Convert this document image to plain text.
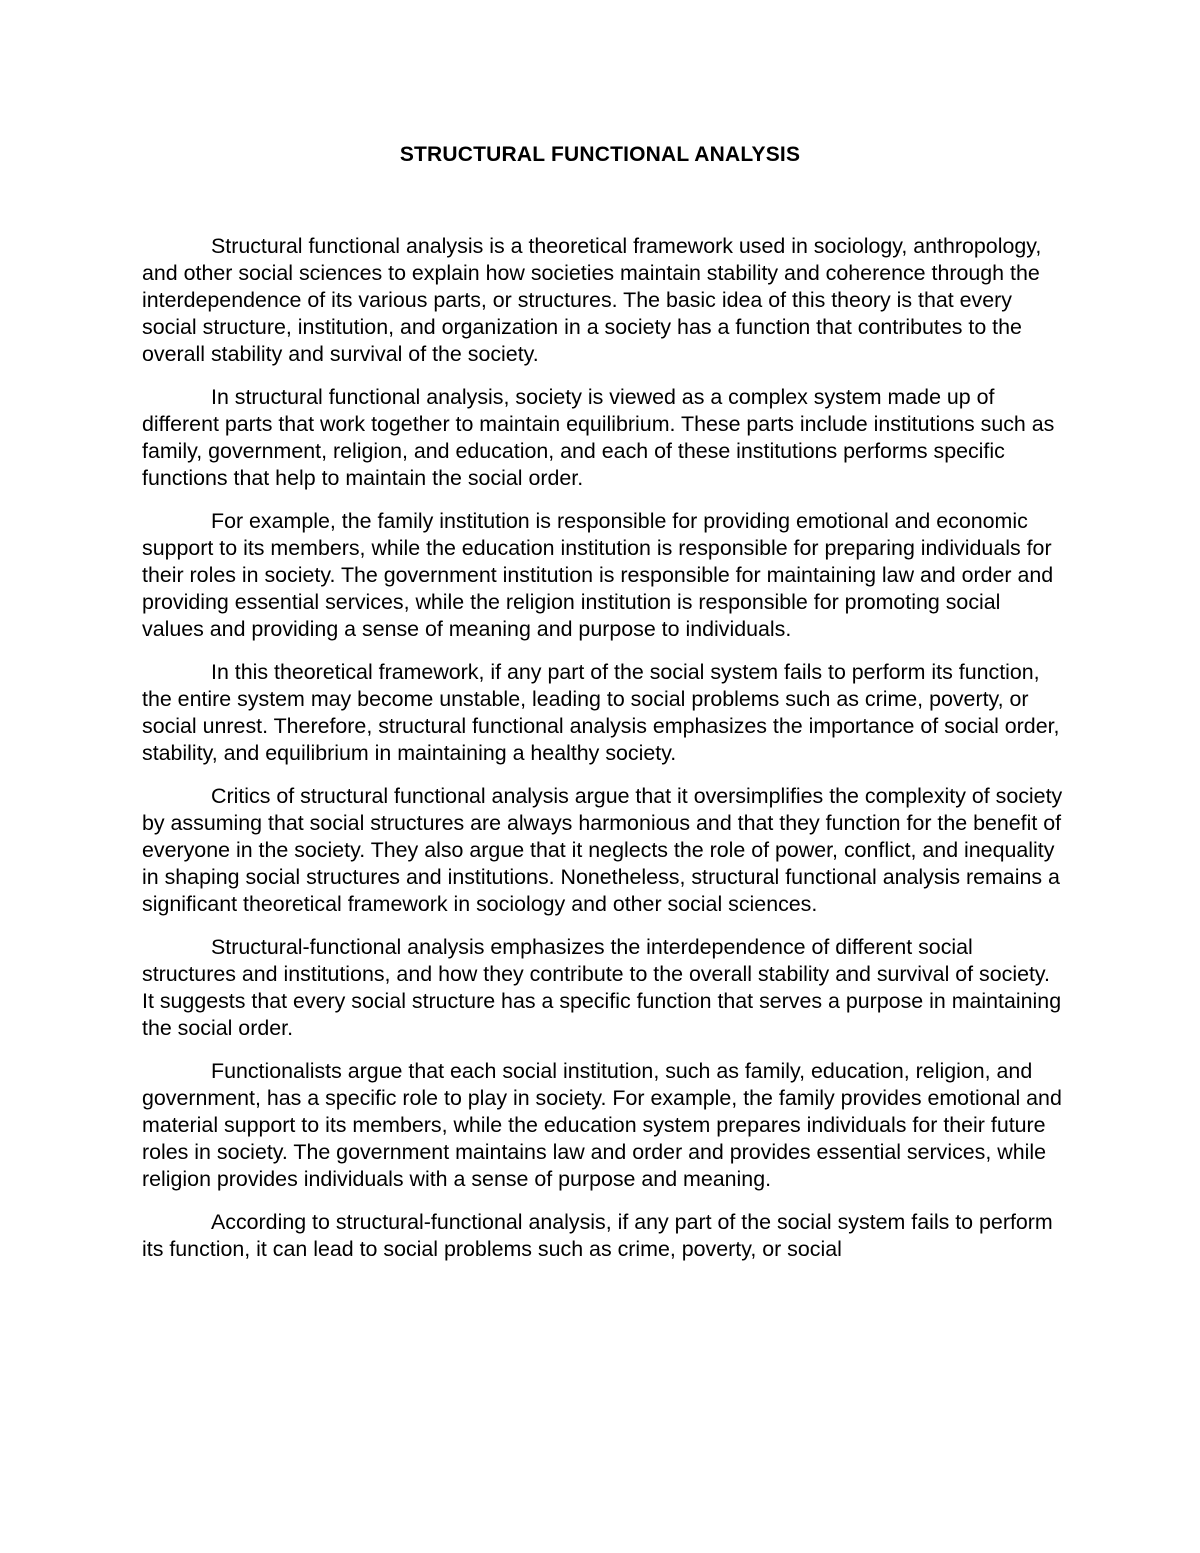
STRUCTURAL FUNCTIONAL ANALYSIS

Structural functional analysis is a theoretical framework used in sociology, anthropology, and other social sciences to explain how societies maintain stability and coherence through the interdependence of its various parts, or structures. The basic idea of this theory is that every social structure, institution, and organization in a society has a function that contributes to the overall stability and survival of the society.

In structural functional analysis, society is viewed as a complex system made up of different parts that work together to maintain equilibrium. These parts include institutions such as family, government, religion, and education, and each of these institutions performs specific functions that help to maintain the social order.

For example, the family institution is responsible for providing emotional and economic support to its members, while the education institution is responsible for preparing individuals for their roles in society. The government institution is responsible for maintaining law and order and providing essential services, while the religion institution is responsible for promoting social values and providing a sense of meaning and purpose to individuals.

In this theoretical framework, if any part of the social system fails to perform its function, the entire system may become unstable, leading to social problems such as crime, poverty, or social unrest. Therefore, structural functional analysis emphasizes the importance of social order, stability, and equilibrium in maintaining a healthy society.

Critics of structural functional analysis argue that it oversimplifies the complexity of society by assuming that social structures are always harmonious and that they function for the benefit of everyone in the society. They also argue that it neglects the role of power, conflict, and inequality in shaping social structures and institutions. Nonetheless, structural functional analysis remains a significant theoretical framework in sociology and other social sciences.

Structural-functional analysis emphasizes the interdependence of different social structures and institutions, and how they contribute to the overall stability and survival of society. It suggests that every social structure has a specific function that serves a purpose in maintaining the social order.

Functionalists argue that each social institution, such as family, education, religion, and government, has a specific role to play in society. For example, the family provides emotional and material support to its members, while the education system prepares individuals for their future roles in society. The government maintains law and order and provides essential services, while religion provides individuals with a sense of purpose and meaning.

According to structural-functional analysis, if any part of the social system fails to perform its function, it can lead to social problems such as crime, poverty, or social
